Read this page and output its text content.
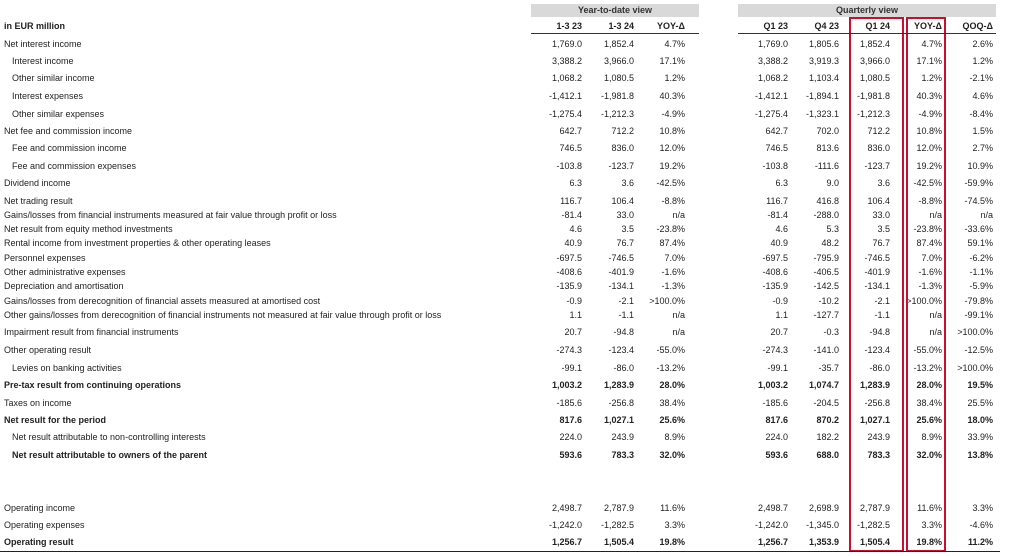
Year-to-date view	Quarterly view
in EUR million	1-3 23	1-3 24	YOY-Δ	Q1 23	Q4 23	Q1 24	YOY-Δ	QOQ-Δ
Net interest income	1,769.0	1,852.4	4.7%	1,769.0	1,805.6	1,852.4	4.7%	2.6%
Interest income	3,388.2	3,966.0	17.1%	3,388.2	3,919.3	3,966.0	17.1%	1.2%
Other similar income	1,068.2	1,080.5	1.2%	1,068.2	1,103.4	1,080.5	1.2%	-2.1%
Interest expenses	-1,412.1	-1,981.8	40.3%	-1,412.1	-1,894.1	-1,981.8	40.3%	4.6%
Other similar expenses	-1,275.4	-1,212.3	-4.9%	-1,275.4	-1,323.1	-1,212.3	-4.9%	-8.4%
Net fee and commission income	642.7	712.2	10.8%	642.7	702.0	712.2	10.8%	1.5%
Fee and commission income	746.5	836.0	12.0%	746.5	813.6	836.0	12.0%	2.7%
Fee and commission expenses	-103.8	-123.7	19.2%	-103.8	-111.6	-123.7	19.2%	10.9%
Dividend income	6.3	3.6	-42.5%	6.3	9.0	3.6	-42.5%	-59.9%
Net trading result	116.7	106.4	-8.8%	116.7	416.8	106.4	-8.8%	-74.5%
Gains/losses from financial instruments measured at fair value through profit or loss	-81.4	33.0	n/a	-81.4	-288.0	33.0	n/a	n/a
Net result from equity method investments	4.6	3.5	-23.8%	4.6	5.3	3.5	-23.8%	-33.6%
Rental income from investment properties & other operating leases	40.9	76.7	87.4%	40.9	48.2	76.7	87.4%	59.1%
Personnel expenses	-697.5	-746.5	7.0%	-697.5	-795.9	-746.5	7.0%	-6.2%
Other administrative expenses	-408.6	-401.9	-1.6%	-408.6	-406.5	-401.9	-1.6%	-1.1%
Depreciation and amortisation	-135.9	-134.1	-1.3%	-135.9	-142.5	-134.1	-1.3%	-5.9%
Gains/losses from derecognition of financial assets measured at amortised cost	-0.9	-2.1	>100.0%	-0.9	-10.2	-2.1	>100.0%	-79.8%
Other gains/losses from derecognition of financial instruments not measured at fair value through profit or loss	1.1	-1.1	n/a	1.1	-127.7	-1.1	n/a	-99.1%
Impairment result from financial instruments	20.7	-94.8	n/a	20.7	-0.3	-94.8	n/a	>100.0%
Other operating result	-274.3	-123.4	-55.0%	-274.3	-141.0	-123.4	-55.0%	-12.5%
Levies on banking activities	-99.1	-86.0	-13.2%	-99.1	-35.7	-86.0	-13.2%	>100.0%
Pre-tax result from continuing operations	1,003.2	1,283.9	28.0%	1,003.2	1,074.7	1,283.9	28.0%	19.5%
Taxes on income	-185.6	-256.8	38.4%	-185.6	-204.5	-256.8	38.4%	25.5%
Net result for the period	817.6	1,027.1	25.6%	817.6	870.2	1,027.1	25.6%	18.0%
Net result attributable to non-controlling interests	224.0	243.9	8.9%	224.0	182.2	243.9	8.9%	33.9%
Net result attributable to owners of the parent	593.6	783.3	32.0%	593.6	688.0	783.3	32.0%	13.8%
Operating income	2,498.7	2,787.9	11.6%	2,498.7	2,698.9	2,787.9	11.6%	3.3%
Operating expenses	-1,242.0	-1,282.5	3.3%	-1,242.0	-1,345.0	-1,282.5	3.3%	-4.6%
Operating result	1,256.7	1,505.4	19.8%	1,256.7	1,353.9	1,505.4	19.8%	11.2%
